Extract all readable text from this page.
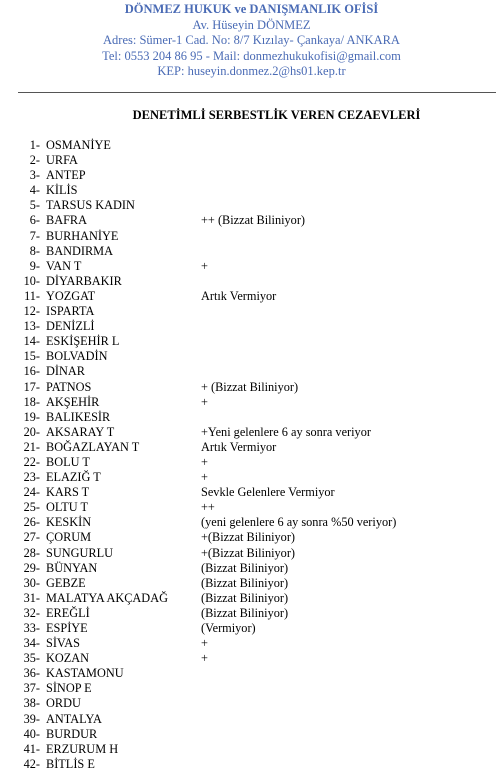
DÖNMEZ HUKUK ve DANIŞMANLIK OFİSİ
Av. Hüseyin DÖNMEZ
Adres: Sümer-1 Cad. No: 8/7 Kızılay- Çankaya/ ANKARA
Tel: 0553 204 86 95 - Mail: donmezhukukofisi@gmail.com
KEP: huseyin.donmez.2@hs01.kep.tr
DENETİMLİ SERBESTLİK VEREN CEZAEVLERİ
1- OSMANİYE
2- URFA
3- ANTEP
4- KİLİS
5- TARSUS KADIN
6- BAFRA	++ (Bizzat Biliniyor)
7- BURHANİYE
8- BANDIRMA
9- VAN T	+
10- DİYARBAKIR
11- YOZGAT	Artık Vermiyor
12- ISPARTA
13- DENİZLİ
14- ESKİŞEHİR L
15- BOLVADİN
16- DİNAR
17- PATNOS	+ (Bizzat Biliniyor)
18- AKŞEHİR	+
19- BALIKESİR
20- AKSARAY T	+Yeni gelenlere 6 ay sonra veriyor
21- BOĞAZLAYAN T	Artık Vermiyor
22- BOLU T	+
23- ELAZIĞ T	+
24- KARS T	Sevkle Gelenlere Vermiyor
25- OLTU T	++
26- KESKİN	(yeni gelenlere 6 ay sonra %50 veriyor)
27- ÇORUM	+(Bizzat Biliniyor)
28- SUNGURLU	+(Bizzat Biliniyor)
29- BÜNYAN	(Bizzat Biliniyor)
30- GEBZE	(Bizzat Biliniyor)
31- MALATYA AKÇADAĞ	(Bizzat Biliniyor)
32- EREĞLİ	(Bizzat Biliniyor)
33- ESPİYE	(Vermiyor)
34- SİVAS	+
35- KOZAN	+
36- KASTAMONU
37- SİNOP E
38- ORDU
39- ANTALYA
40- BURDUR
41- ERZURUM H
42- BİTLİS E
